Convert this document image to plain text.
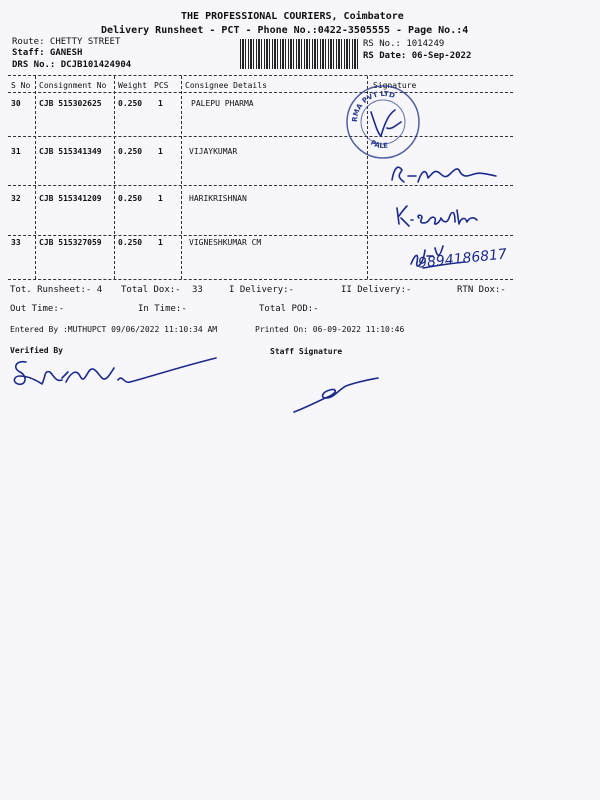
THE PROFESSIONAL COURIERS, Coimbatore
Delivery Runsheet - PCT - Phone No.:0422-3505555 - Page No.:4
Route: CHETTY STREET
Staff: GANESH
DRS No.: DCJB101424904
RS No.: 1014249
RS Date: 06-Sep-2022
S No Consignment No Weight PCS Consignee Details	Signature
30 CJB 515302625 0.250 1	PALEPU PHARMA
31 CJB 515341349 0.250 1	VIJAYKUMAR
32 CJB 515341209 0.250 1	HARIKRISHNAN
33 CJB 515327059 0.250 1	VIGNESHKUMAR CM
RMA PVT LTD
PALE
9894186817
Tot. Runsheet:- 4 Total Dox:- 33	I Delivery:-	II Delivery:-	RTN Dox:-
Out Time:-	In Time:-	Total POD:-
Entered By :MUTHUPCT 09/06/2022 11:10:34 AM	Printed On: 06-09-2022 11:10:46
Verified By	Staff Signature
